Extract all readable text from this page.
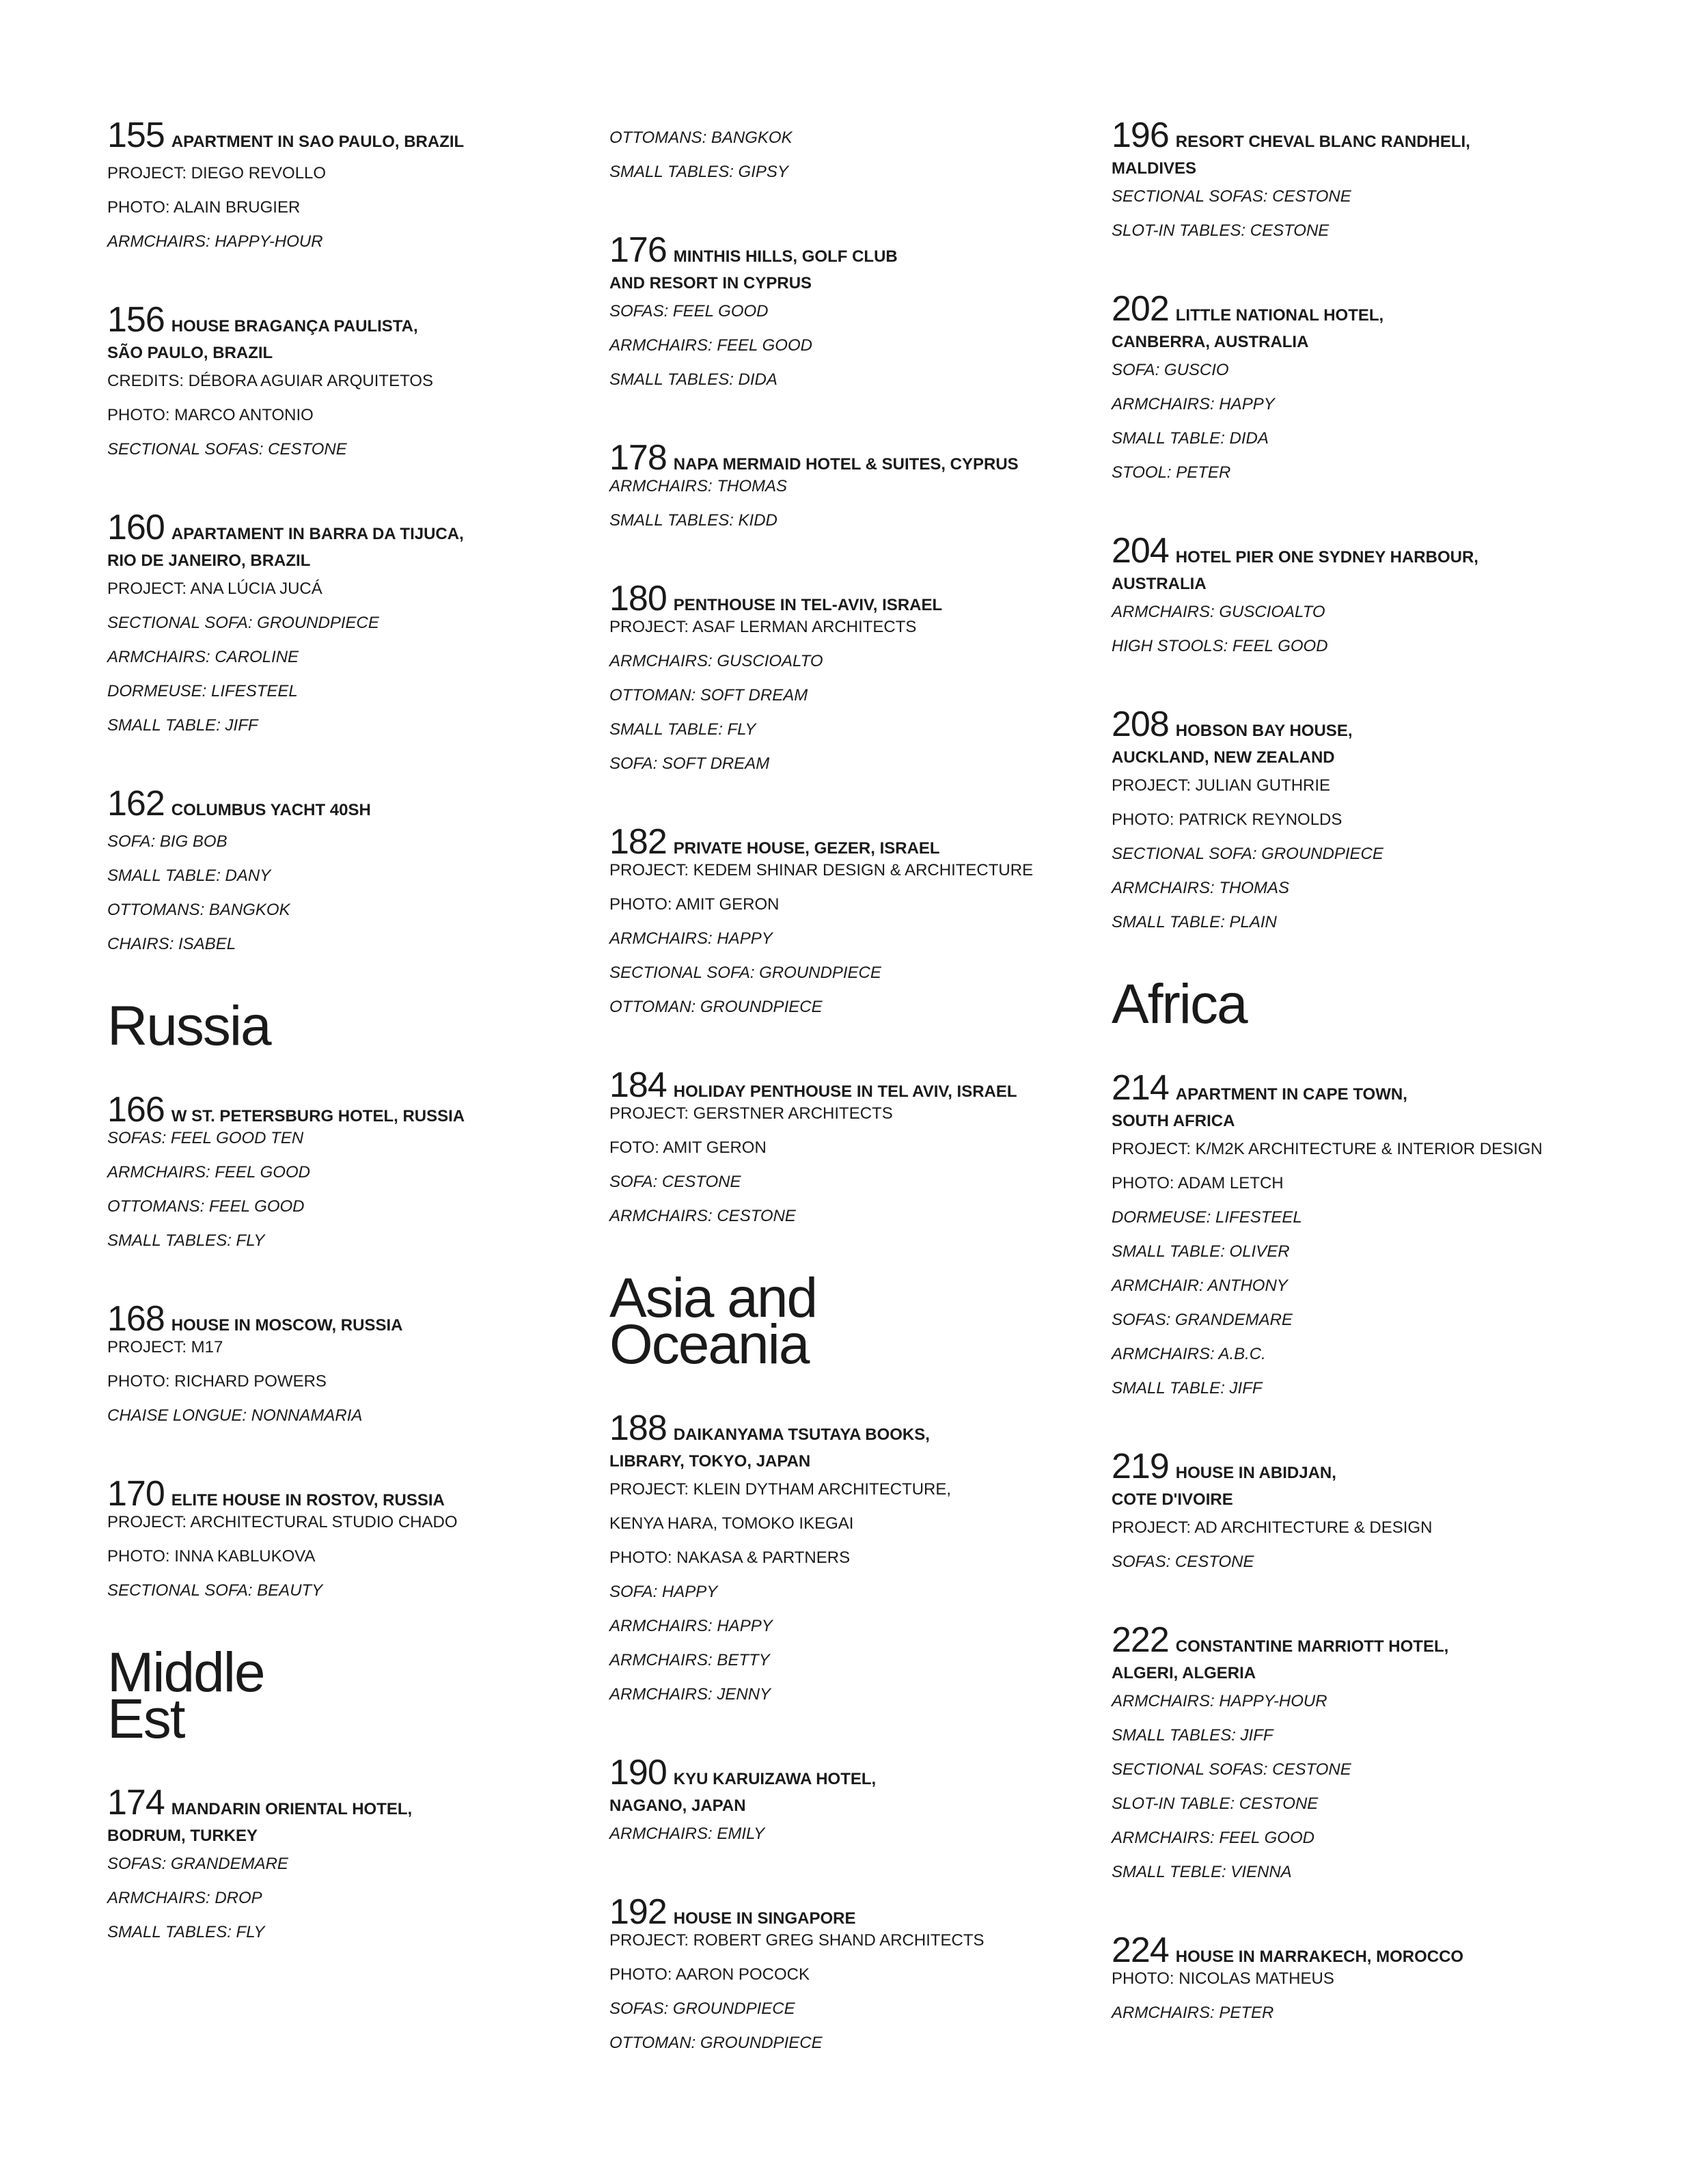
155 APARTMENT IN SAO PAULO, BRAZIL

PROJECT: DIEGO REVOLLO

PHOTO: ALAIN BRUGIER

ARMCHAIRS: HAPPY-HOUR

156 HOUSE BRAGANÇA PAULISTA,

SÃO PAULO, BRAZIL

CREDITS: DÉBORA AGUIAR ARQUITETOS

PHOTO: MARCO ANTONIO

SECTIONAL SOFAS: CESTONE

160 APARTAMENT IN BARRA DA TIJUCA,

RIO DE JANEIRO, BRAZIL

PROJECT: ANA LÚCIA JUCÁ

SECTIONAL SOFA: GROUNDPIECE

ARMCHAIRS: CAROLINE

DORMEUSE: LIFESTEEL

SMALL TABLE: JIFF

162 COLUMBUS YACHT 40SH

SOFA: BIG BOB

SMALL TABLE: DANY

OTTOMANS: BANGKOK

CHAIRS: ISABEL

Russia

166 W ST. PETERSBURG HOTEL, RUSSIA

SOFAS: FEEL GOOD TEN

ARMCHAIRS: FEEL GOOD

OTTOMANS: FEEL GOOD

SMALL TABLES: FLY

168 HOUSE IN MOSCOW, RUSSIA

PROJECT: M17

PHOTO: RICHARD POWERS

CHAISE LONGUE: NONNAMARIA

170 ELITE HOUSE IN ROSTOV, RUSSIA

PROJECT: ARCHITECTURAL STUDIO CHADO

PHOTO: INNA KABLUKOVA

SECTIONAL SOFA: BEAUTY

Middle
Est

174 MANDARIN ORIENTAL HOTEL,

BODRUM, TURKEY

SOFAS: GRANDEMARE

ARMCHAIRS: DROP

SMALL TABLES: FLY

OTTOMANS: BANGKOK

SMALL TABLES: GIPSY

176 MINTHIS HILLS, GOLF CLUB

AND RESORT IN CYPRUS

SOFAS: FEEL GOOD

ARMCHAIRS: FEEL GOOD

SMALL TABLES: DIDA

178 NAPA MERMAID HOTEL & SUITES, CYPRUS

ARMCHAIRS: THOMAS

SMALL TABLES: KIDD

180 PENTHOUSE IN TEL-AVIV, ISRAEL

PROJECT: ASAF LERMAN ARCHITECTS

ARMCHAIRS: GUSCIOALTO

OTTOMAN: SOFT DREAM

SMALL TABLE: FLY

SOFA: SOFT DREAM

182 PRIVATE HOUSE, GEZER, ISRAEL

PROJECT: KEDEM SHINAR DESIGN & ARCHITECTURE

PHOTO: AMIT GERON

ARMCHAIRS: HAPPY

SECTIONAL SOFA: GROUNDPIECE

OTTOMAN: GROUNDPIECE

184 HOLIDAY PENTHOUSE IN TEL AVIV, ISRAEL

PROJECT: GERSTNER ARCHITECTS

FOTO: AMIT GERON

SOFA: CESTONE

ARMCHAIRS: CESTONE

Asia and
Oceania

188 DAIKANYAMA TSUTAYA BOOKS,

LIBRARY, TOKYO, JAPAN

PROJECT: KLEIN DYTHAM ARCHITECTURE,

KENYA HARA, TOMOKO IKEGAI

PHOTO: NAKASA & PARTNERS

SOFA: HAPPY

ARMCHAIRS: HAPPY

ARMCHAIRS: BETTY

ARMCHAIRS: JENNY

190 KYU KARUIZAWA HOTEL,

NAGANO, JAPAN

ARMCHAIRS: EMILY

192 HOUSE IN SINGAPORE

PROJECT: ROBERT GREG SHAND ARCHITECTS

PHOTO: AARON POCOCK

SOFAS: GROUNDPIECE

OTTOMAN: GROUNDPIECE

196 RESORT CHEVAL BLANC RANDHELI,

MALDIVES

SECTIONAL SOFAS: CESTONE

SLOT-IN TABLES: CESTONE

202 LITTLE NATIONAL HOTEL,

CANBERRA, AUSTRALIA

SOFA: GUSCIO

ARMCHAIRS: HAPPY

SMALL TABLE: DIDA

STOOL: PETER

204 HOTEL PIER ONE SYDNEY HARBOUR,

AUSTRALIA

ARMCHAIRS: GUSCIOALTO

HIGH STOOLS: FEEL GOOD

208 HOBSON BAY HOUSE,

AUCKLAND, NEW ZEALAND

PROJECT: JULIAN GUTHRIE

PHOTO: PATRICK REYNOLDS

SECTIONAL SOFA: GROUNDPIECE

ARMCHAIRS: THOMAS

SMALL TABLE: PLAIN

Africa

214 APARTMENT IN CAPE TOWN,

SOUTH AFRICA

PROJECT: K/M2K ARCHITECTURE & INTERIOR DESIGN

PHOTO: ADAM LETCH

DORMEUSE: LIFESTEEL

SMALL TABLE: OLIVER

ARMCHAIR: ANTHONY

SOFAS: GRANDEMARE

ARMCHAIRS: A.B.C.

SMALL TABLE: JIFF

219 HOUSE IN ABIDJAN,

COTE D'IVOIRE

PROJECT: AD ARCHITECTURE & DESIGN

SOFAS: CESTONE

222 CONSTANTINE MARRIOTT HOTEL,

ALGERI, ALGERIA

ARMCHAIRS: HAPPY-HOUR

SMALL TABLES: JIFF

SECTIONAL SOFAS: CESTONE

SLOT-IN TABLE: CESTONE

ARMCHAIRS: FEEL GOOD

SMALL TEBLE: VIENNA

224 HOUSE IN MARRAKECH, MOROCCO

PHOTO: NICOLAS MATHEUS

ARMCHAIRS: PETER
